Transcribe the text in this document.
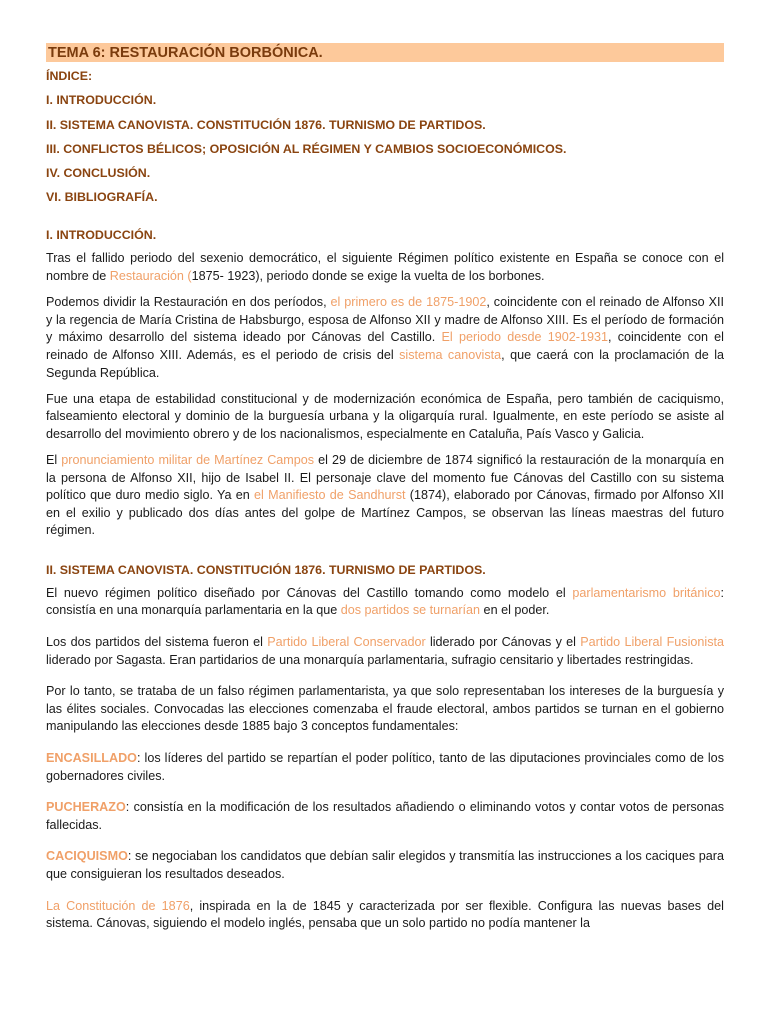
TEMA 6: RESTAURACIÓN BORBÓNICA.
ÍNDICE:
I. INTRODUCCIÓN.
II. SISTEMA CANOVISTA. CONSTITUCIÓN 1876. TURNISMO DE PARTIDOS.
III. CONFLICTOS BÉLICOS; OPOSICIÓN AL RÉGIMEN Y CAMBIOS SOCIOECONÓMICOS.
IV. CONCLUSIÓN.
VI. BIBLIOGRAFÍA.
I. INTRODUCCIÓN.

Tras el fallido periodo del sexenio democrático, el siguiente Régimen político existente en España se conoce con el nombre de Restauración (1875- 1923), periodo donde se exige la vuelta de los borbones.

Podemos dividir la Restauración en dos períodos, el primero es de 1875-1902, coincidente con el reinado de Alfonso XII y la regencia de María Cristina de Habsburgo, esposa de Alfonso XII y madre de Alfonso XIII. Es el período de formación y máximo desarrollo del sistema ideado por Cánovas del Castillo. El periodo desde 1902-1931, coincidente con el reinado de Alfonso XIII. Además, es el periodo de crisis del sistema canovista, que caerá con la proclamación de la Segunda República.

Fue una etapa de estabilidad constitucional y de modernización económica de España, pero también de caciquismo, falseamiento electoral y dominio de la burguesía urbana y la oligarquía rural. Igualmente, en este período se asiste al desarrollo del movimiento obrero y de los nacionalismos, especialmente en Cataluña, País Vasco y Galicia.

El pronunciamiento militar de Martínez Campos el 29 de diciembre de 1874 significó la restauración de la monarquía en la persona de Alfonso XII, hijo de Isabel II. El personaje clave del momento fue Cánovas del Castillo con su sistema político que duro medio siglo. Ya en el Manifiesto de Sandhurst (1874), elaborado por Cánovas, firmado por Alfonso XII en el exilio y publicado dos días antes del golpe de Martínez Campos, se observan las líneas maestras del futuro régimen.

II. SISTEMA CANOVISTA. CONSTITUCIÓN 1876. TURNISMO DE PARTIDOS.

El nuevo régimen político diseñado por Cánovas del Castillo tomando como modelo el parlamentarismo británico: consistía en una monarquía parlamentaria en la que dos partidos se turnarían en el poder.

Los dos partidos del sistema fueron el Partido Liberal Conservador liderado por Cánovas y el Partido Liberal Fusionista liderado por Sagasta. Eran partidarios de una monarquía parlamentaria, sufragio censitario y libertades restringidas.

Por lo tanto, se trataba de un falso régimen parlamentarista, ya que solo representaban los intereses de la burguesía y las élites sociales. Convocadas las elecciones comenzaba el fraude electoral, ambos partidos se turnan en el gobierno manipulando las elecciones desde 1885 bajo 3 conceptos fundamentales:

ENCASILLADO: los líderes del partido se repartían el poder político, tanto de las diputaciones provinciales como de los gobernadores civiles.

PUCHERAZO: consistía en la modificación de los resultados añadiendo o eliminando votos y contar votos de personas fallecidas.

CACIQUISMO: se negociaban los candidatos que debían salir elegidos y transmitía las instrucciones a los caciques para que consiguieran los resultados deseados.

La Constitución de 1876, inspirada en la de 1845 y caracterizada por ser flexible. Configura las nuevas bases del sistema. Cánovas, siguiendo el modelo inglés, pensaba que un solo partido no podía mantener la
